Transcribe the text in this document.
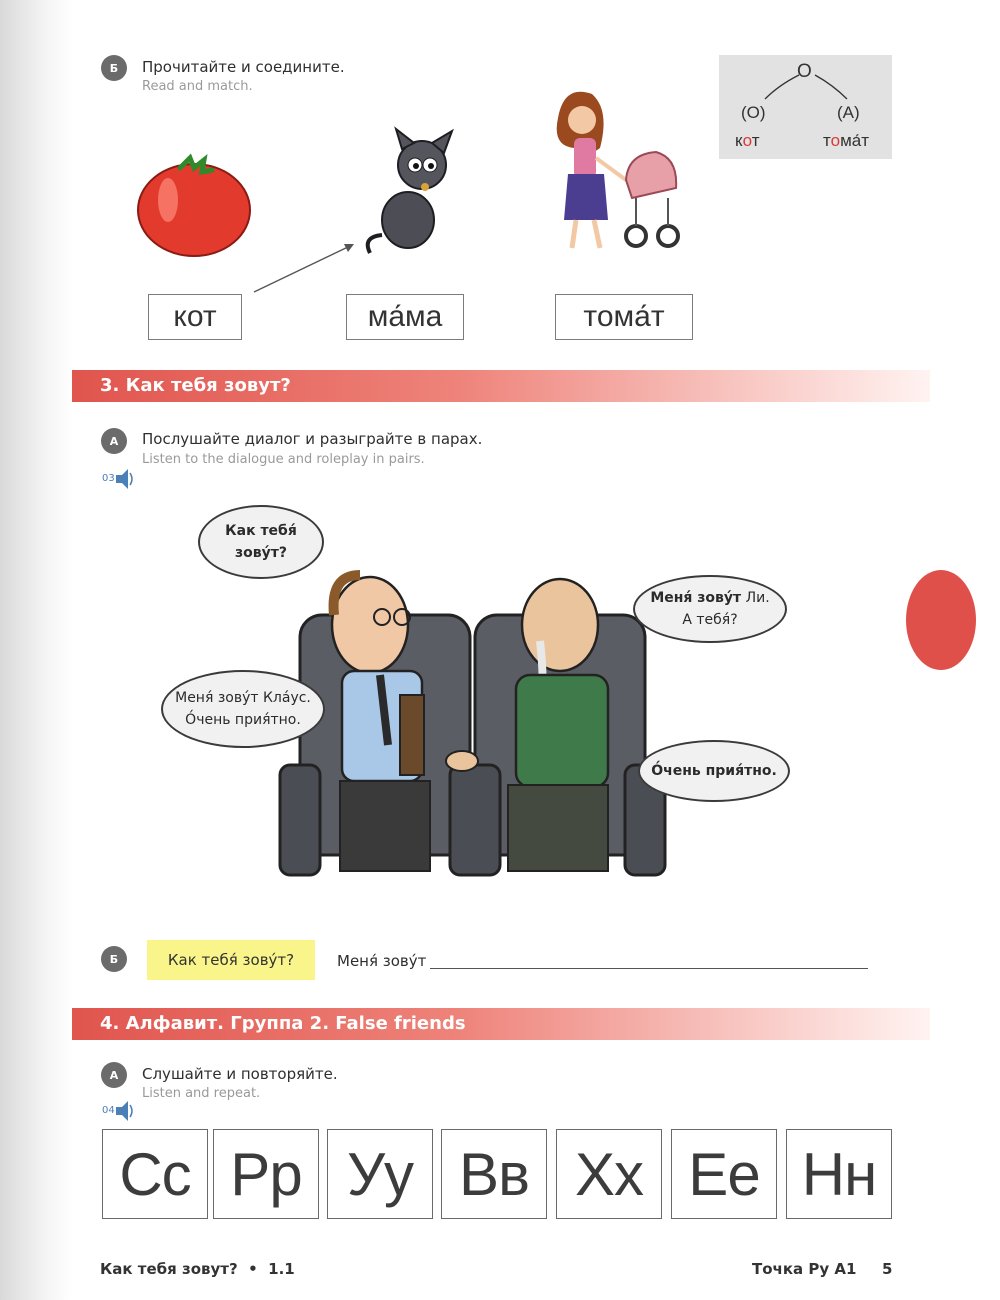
Б	Прочитайте и соедините.
Read and match.
кот	ма́ма	тома́т
O
(О)	(А)
кот	тома́т
3. Как тебя зовут?
А	Послушайте диалог и разыграйте в парах.
Listen to the dialogue and roleplay in pairs.
03
Как тебя́ зову́т?
Меня́ зову́т Ли.
А тебя́?
Меня́ зову́т Кла́ус.
О́чень прия́тно.
О́чень прия́тно.
Б	Как тебя́ зову́т?	Меня́ зову́т
4. Алфавит. Группа 2. False friends
А	Слушайте и повторяйте.
Listen and repeat.
04
Сс Рр Уу Вв Хх Ее Нн
Как тебя зовут?  •  1.1	Точка Ру А1 5
